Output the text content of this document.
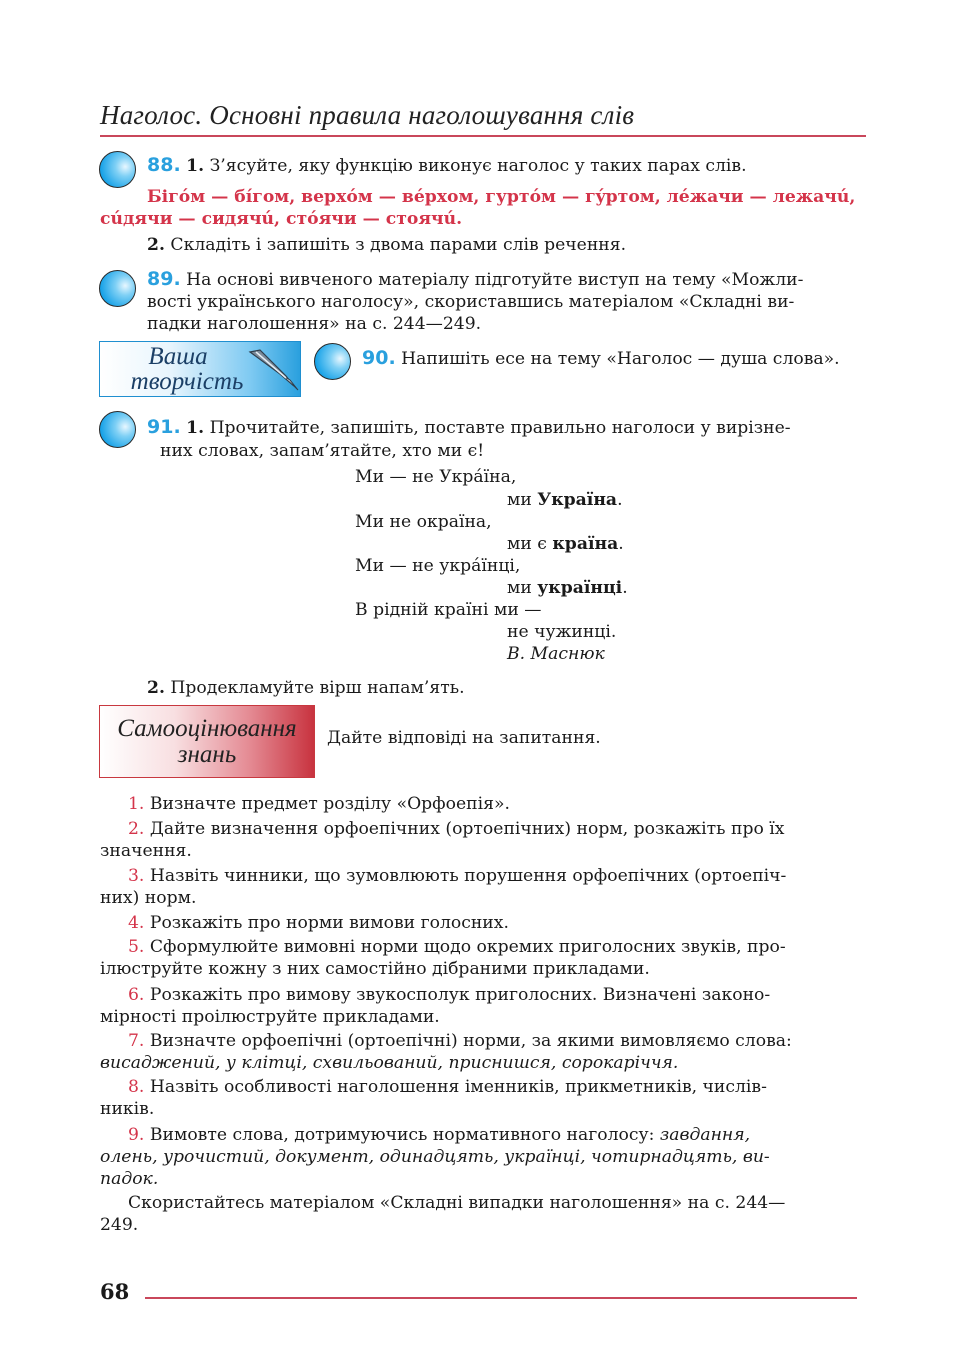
Наголос. Основні правила наголошування слів
88. 1. З’ясуйте, яку функцію виконує наголос у таких парах слів.
Бігóм — бíгом, верхóм — вéрхом, гуртóм — гýртом, лéжачи — лежачú,
сúдячи — сидячú, стóячи — стоячú.
2. Складіть і запишіть з двома парами слів речення.
89. На основі вивченого матеріалу підготуйте виступ на тему «Можли-
вості українського наголосу», скориставшись матеріалом «Складні ви-
падки наголошення» на с. 244—249.
Ваша
творчість
90. Напишіть есе на тему «Наголос — душа слова».
91. 1. Прочитайте, запишіть, поставте правильно наголоси у вирізне-
них словах, запам’ятайте, хто ми є!
Ми — не Укрáїна,
ми Україна.
Ми не окраїна,
ми є країна.
Ми — не укрáїнці,
ми українці.
В рідній країні ми —
не чужинці.
В. Маснюк
2. Продекламуйте вірш напам’ять.
Самооцінювання
знань
Дайте відповіді на запитання.
1. Визначте предмет розділу «Орфоепія».
2. Дайте визначення орфоепічних (ортоепічних) норм, розкажіть про їх
значення.
3. Назвіть чинники, що зумовлюють порушення орфоепічних (ортоепіч-
них) норм.
4. Розкажіть про норми вимови голосних.
5. Сформулюйте вимовні норми щодо окремих приголосних звуків, про-
ілюструйте кожну з них самостійно дібраними прикладами.
6. Розкажіть про вимову звукосполук приголосних. Визначені законо-
мірності проілюструйте прикладами.
7. Визначте орфоепічні (ортоепічні) норми, за якими вимовляємо слова:
висаджений, у клітці, схвильований, приснишся, сорокаріччя.
8. Назвіть особливості наголошення іменників, прикметників, числів-
ників.
9. Вимовте слова, дотримуючись нормативного наголосу: завдання,
олень, урочистий, документ, одинадцять, українці, чотирнадцять, ви-
падок.
Скористайтесь матеріалом «Складні випадки наголошення» на с. 244—
249.
68
